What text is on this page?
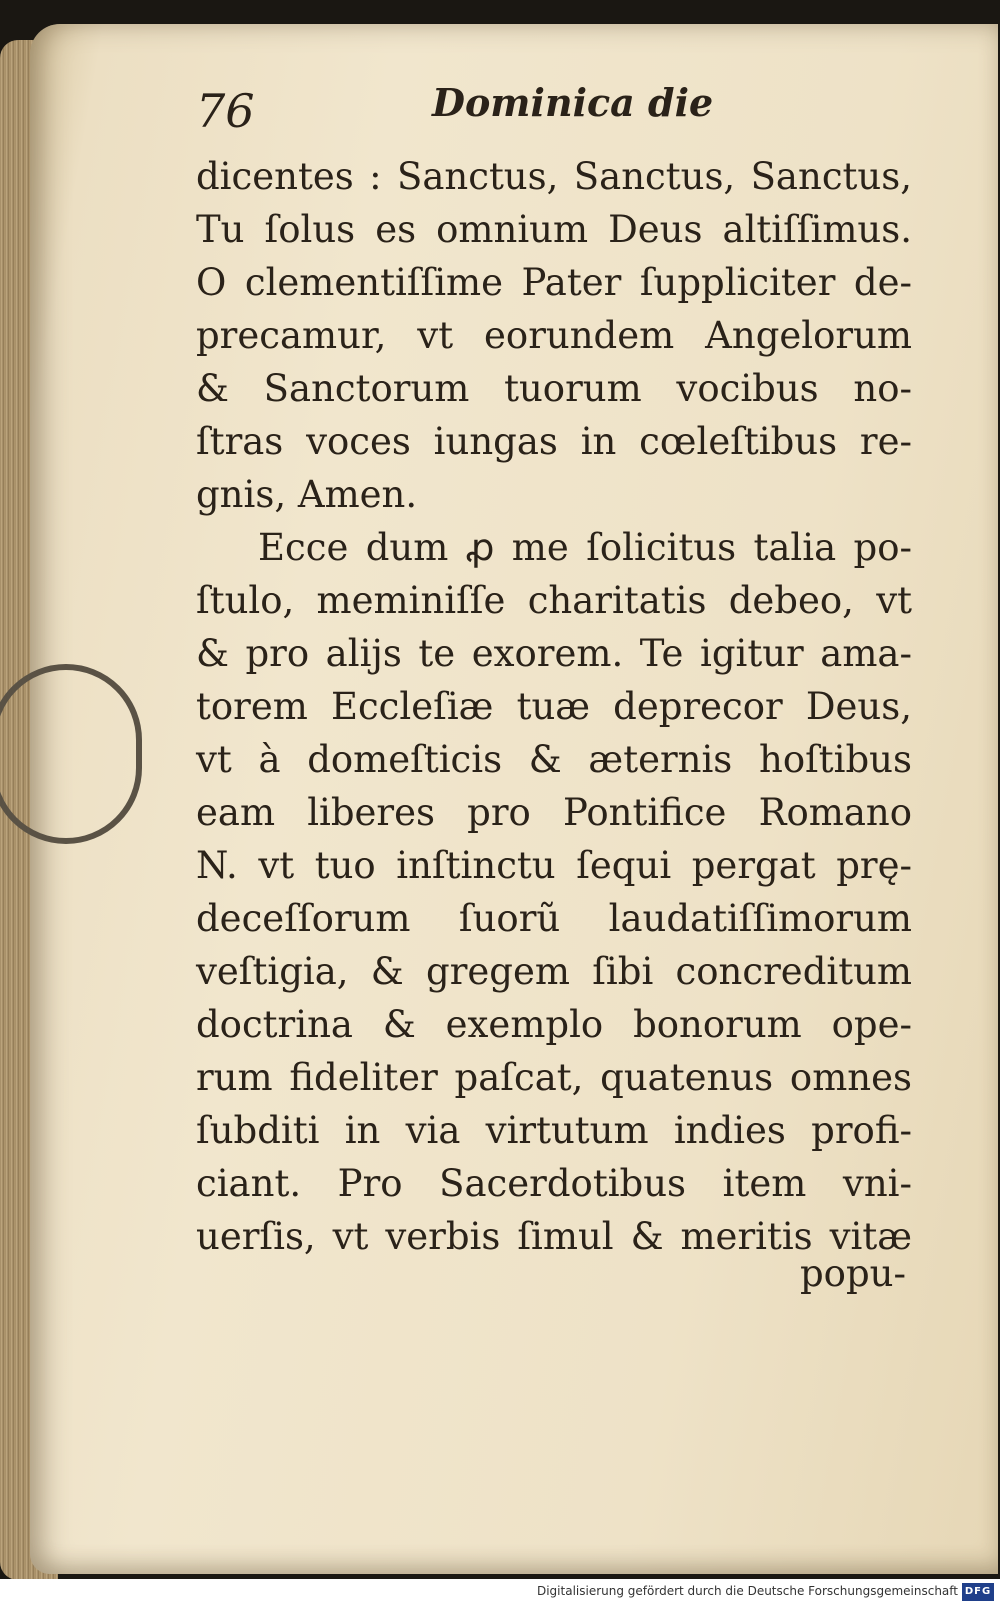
76	Dominica die

dicentes : Sanctus, Sanctus, Sanctus,
Tu ſolus es omnium Deus altiſſimus.
O clementiſſime Pater ſuppliciter de-
precamur, vt eorundem Angelorum
& Sanctorum tuorum vocibus no-
ſtras voces iungas in cœleſtibus re-
gnis, Amen.
Ecce dum ꝓ me ſolicitus talia po-
ſtulo, meminiſſe charitatis debeo, vt
& pro alijs te exorem. Te igitur ama-
torem Eccleſiæ tuæ deprecor Deus,
vt à domeſticis & æternis hoſtibus
eam liberes pro Pontifice Romano
N. vt tuo inſtinctu ſequi pergat prę-
deceſſorum ſuorũ laudatiſſimorum
veſtigia, & gregem ſibi concreditum
doctrina & exemplo bonorum ope-
rum fideliter paſcat, quatenus omnes
ſubditi in via virtutum indies profi-
ciant. Pro Sacerdotibus item vni-
uerſis, vt verbis ſimul & meritis vitæ

popu-

Digitalisierung gefördert durch die Deutsche Forschungsgemeinschaft DFG
